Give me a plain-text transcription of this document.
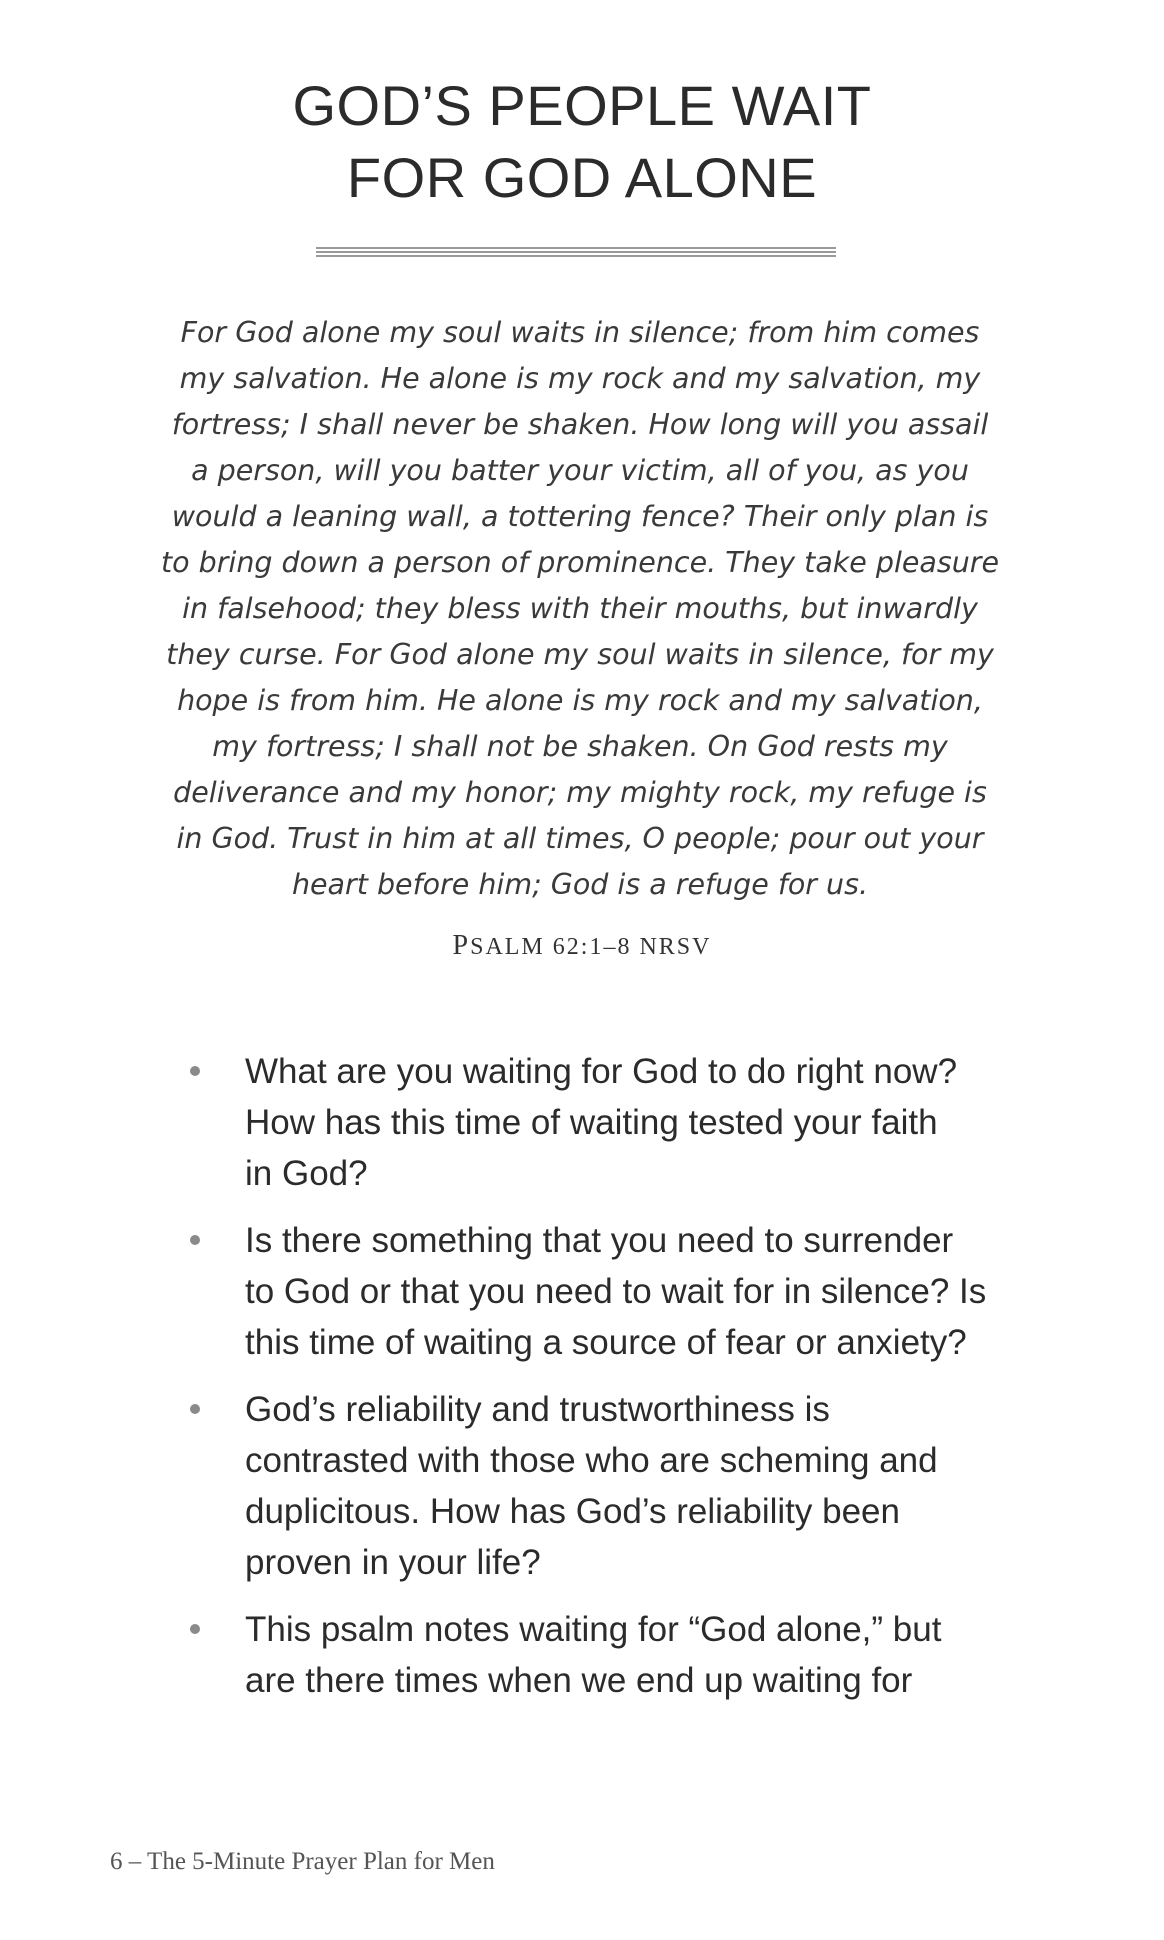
GOD’S PEOPLE WAIT
FOR GOD ALONE
For God alone my soul waits in silence; from him comes
my salvation. He alone is my rock and my salvation, my
fortress; I shall never be shaken. How long will you assail
a person, will you batter your victim, all of you, as you
would a leaning wall, a tottering fence? Their only plan is
to bring down a person of prominence. They take pleasure
in falsehood; they bless with their mouths, but inwardly
they curse. For God alone my soul waits in silence, for my
hope is from him. He alone is my rock and my salvation,
my fortress; I shall not be shaken. On God rests my
deliverance and my honor; my mighty rock, my refuge is
in God. Trust in him at all times, O people; pour out your
heart before him; God is a refuge for us.
PSALM 62:1–8 NRSV
What are you waiting for God to do right now?
How has this time of waiting tested your faith
in God?
Is there something that you need to surrender
to God or that you need to wait for in silence? Is
this time of waiting a source of fear or anxiety?
God’s reliability and trustworthiness is
contrasted with those who are scheming and
duplicitous. How has God’s reliability been
proven in your life?
This psalm notes waiting for “God alone,” but
are there times when we end up waiting for
6 – The 5-Minute Prayer Plan for Men
